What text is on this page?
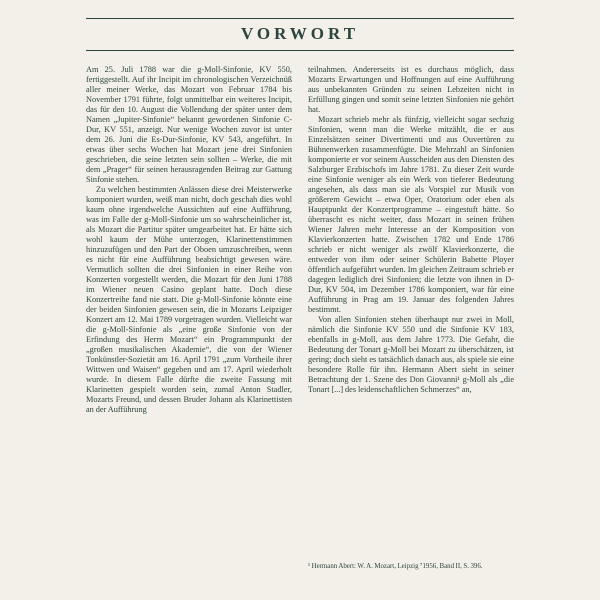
VORWORT

Am 25. Juli 1788 war die g-Moll-Sinfonie, KV 550, fertiggestellt. Auf ihr Incipit im chronologischen Verzeichnüß aller meiner Werke, das Mozart von Februar 1784 bis November 1791 führte, folgt unmittelbar ein weiteres Incipit, das für den 10. August die Vollendung der später unter dem Namen „Jupiter-Sinfonie“ bekannt gewordenen Sinfonie C-Dur, KV 551, anzeigt. Nur wenige Wochen zuvor ist unter dem 26. Juni die Es-Dur-Sinfonie, KV 543, angeführt. In etwas über sechs Wochen hat Mozart jene drei Sinfonien geschrieben, die seine letzten sein sollten – Werke, die mit dem „Prager“ für seinen herausragenden Beitrag zur Gattung Sinfonie stehen.

Zu welchen bestimmten Anlässen diese drei Meisterwerke komponiert wurden, weiß man nicht, doch geschah dies wohl kaum ohne irgendwelche Aussichten auf eine Aufführung, was im Falle der g-Moll-Sinfonie um so wahrscheinlicher ist, als Mozart die Partitur später umgearbeitet hat. Er hätte sich wohl kaum der Mühe unterzogen, Klarinettenstimmen hinzuzufügen und den Part der Oboen umzuschreiben, wenn es nicht für eine Aufführung beabsichtigt gewesen wäre. Vermutlich sollten die drei Sinfonien in einer Reihe von Konzerten vorgestellt werden, die Mozart für den Juni 1788 im Wiener neuen Casino geplant hatte. Doch diese Konzertreihe fand nie statt. Die g-Moll-Sinfonie könnte eine der beiden Sinfonien gewesen sein, die in Mozarts Leipziger Konzert am 12. Mai 1789 vorgetragen wurden. Vielleicht war die g-Moll-Sinfonie als „eine große Sinfonie von der Erfindung des Herrn Mozart“ ein Programmpunkt der „großen musikalischen Akademie“, die von der Wiener Tonkünstler-Sozietät am 16. April 1791 „zum Vortheile ihrer Wittwen und Waisen“ gegeben und am 17. April wiederholt wurde. In diesem Falle dürfte die zweite Fassung mit Klarinetten gespielt worden sein, zumal Anton Stadler, Mozarts Freund, und dessen Bruder Johann als Klarinettisten an der Aufführung

teilnahmen. Andererseits ist es durchaus möglich, dass Mozarts Erwartungen und Hoffnungen auf eine Aufführung aus unbekannten Gründen zu seinen Lebzeiten nicht in Erfüllung gingen und somit seine letzten Sinfonien nie gehört hat.

Mozart schrieb mehr als fünfzig, vielleicht sogar sechzig Sinfonien, wenn man die Werke mitzählt, die er aus Einzelsätzen seiner Divertimenti und aus Ouvertüren zu Bühnenwerken zusammenfügte. Die Mehrzahl an Sinfonien komponierte er vor seinem Ausscheiden aus den Diensten des Salzburger Erzbischofs im Jahre 1781. Zu dieser Zeit wurde eine Sinfonie weniger als ein Werk von tieferer Bedeutung angesehen, als dass man sie als Vorspiel zur Musik von größerem Gewicht – etwa Oper, Oratorium oder eben als Hauptpunkt der Konzertprogramme – eingestuft hätte. So überrascht es nicht weiter, dass Mozart in seinen frühen Wiener Jahren mehr Interesse an der Komposition von Klavierkonzerten hatte. Zwischen 1782 und Ende 1786 schrieb er nicht weniger als zwölf Klavierkonzerte, die entweder von ihm oder seiner Schülerin Babette Ployer öffentlich aufgeführt wurden. Im gleichen Zeitraum schrieb er dagegen lediglich drei Sinfonien; die letzte von ihnen in D-Dur, KV 504, im Dezember 1786 komponiert, war für eine Aufführung in Prag am 19. Januar des folgenden Jahres bestimmt.

Von allen Sinfonien stehen überhaupt nur zwei in Moll, nämlich die Sinfonie KV 550 und die Sinfonie KV 183, ebenfalls in g-Moll, aus dem Jahre 1773. Die Gefahr, die Bedeutung der Tonart g-Moll bei Mozart zu überschätzen, ist gering; doch sieht es tatsächlich danach aus, als spiele sie eine besondere Rolle für ihn. Hermann Abert sieht in seiner Betrachtung der 1. Szene des Don Giovanni¹ g-Moll als „die Tonart [...] des leidenschaftlichen Schmerzes“ an,

¹ Hermann Abert: W. A. Mozart, Leipzig ⁷1956, Band II, S. 396.
